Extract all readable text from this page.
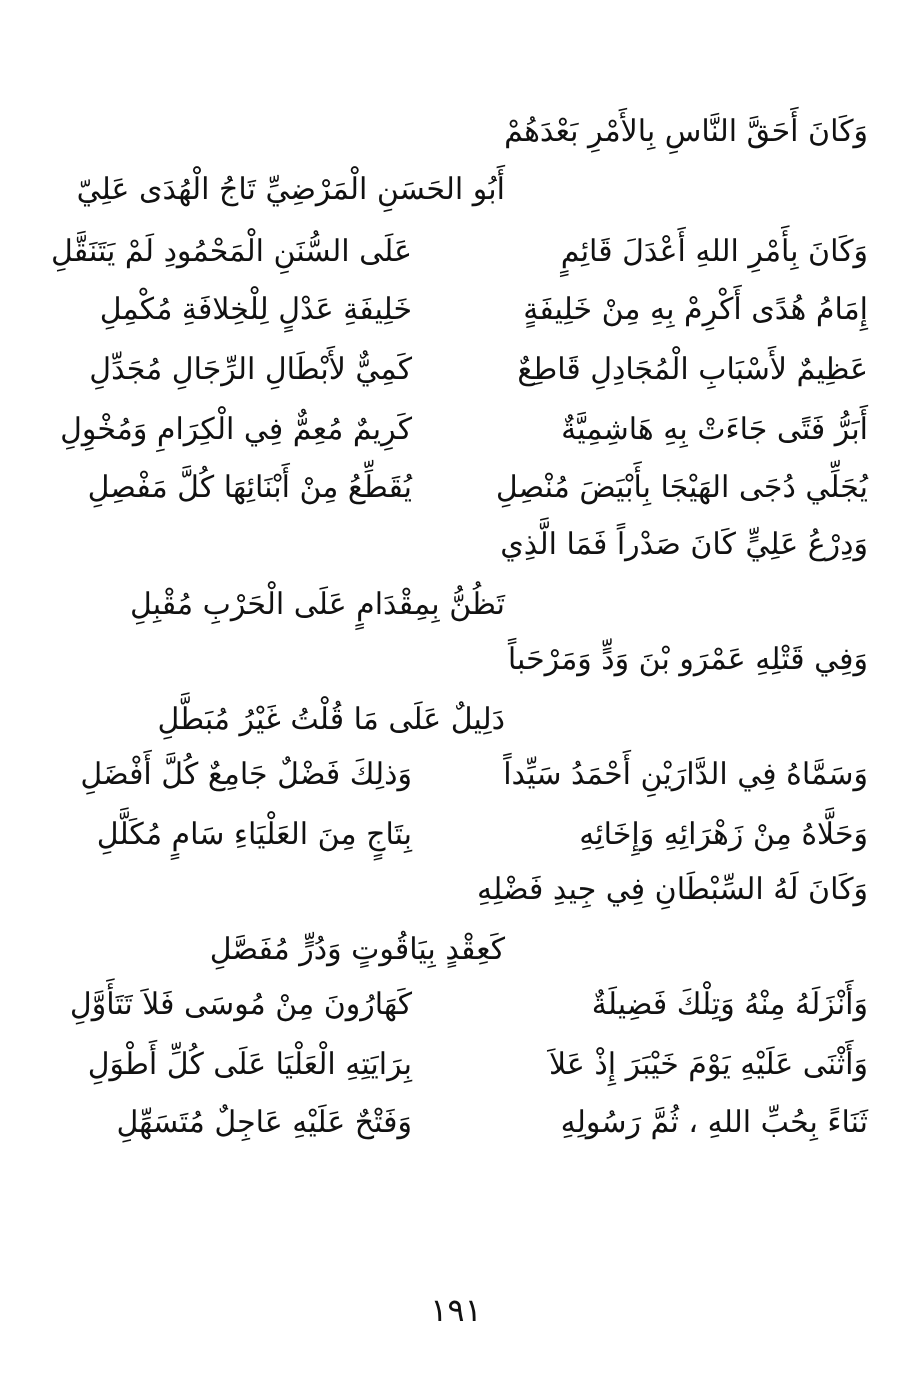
وَكَانَ أَحَقَّ النَّاسِ بِالأَمْرِ بَعْدَهُمْ
أَبُو الحَسَنِ الْمَرْضِيِّ تَاجُ الْهُدَى عَلِيّ
وَكَانَ بِأَمْرِ اللهِ أَعْدَلَ قَائِمٍ
عَلَى السُّنَنِ الْمَحْمُودِ لَمْ يَتَنَقَّلِ
إِمَامُ هُدًى أَكْرِمْ بِهِ مِنْ خَلِيفَةٍ
خَلِيفَةِ عَدْلٍ لِلْخِلافَةِ مُكْمِلِ
عَظِيمٌ لأَسْبَابِ الْمُجَادِلِ قَاطِعٌ
كَمِيٌّ لأَبْطَالِ الرِّجَالِ مُجَدِّلِ
أَبَرُّ فَتًى جَاءَتْ بِهِ هَاشِمِيَّةٌ
كَرِيمٌ مُعِمٌّ فِي الْكِرَامِ وَمُخْوِلِ
يُجَلِّي دُجَى الهَيْجَا بِأَبْيَضَ مُنْصِلِ
يُقَطِّعُ مِنْ أَبْنَائِهَا كُلَّ مَفْصِلِ
وَدِرْعُ عَلِيٍّ كَانَ صَدْراً فَمَا الَّذِي
تَظُنُّ بِمِقْدَامٍ عَلَى الْحَرْبِ مُقْبِلِ
وَفِي قَتْلِهِ عَمْرَو بْنَ وَدٍّ وَمَرْحَباً
دَلِيلٌ عَلَى مَا قُلْتُ غَيْرُ مُبَطَّلِ
وَسَمَّاهُ فِي الدَّارَيْنِ أَحْمَدُ سَيِّداً
وَذلِكَ فَضْلٌ جَامِعٌ كُلَّ أَفْضَلِ
وَحَلَّاهُ مِنْ زَهْرَائِهِ وَإِخَائِهِ
بِتَاجٍ مِنَ العَلْيَاءِ سَامٍ مُكَلَّلِ
وَكَانَ لَهُ السِّبْطَانِ فِي جِيدِ فَضْلِهِ
كَعِقْدٍ بِيَاقُوتٍ وَدُرٍّ مُفَصَّلِ
وَأَنْزَلَهُ مِنْهُ وَتِلْكَ فَضِيلَةٌ
كَهَارُونَ مِنْ مُوسَى فَلاَ تَتَأَوَّلِ
وَأَثْنَى عَلَيْهِ يَوْمَ خَيْبَرَ إِذْ عَلاَ
بِرَايَتِهِ الْعَلْيَا عَلَى كُلِّ أَطْوَلِ
ثَنَاءً بِحُبِّ اللهِ ، ثُمَّ رَسُولِهِ
وَفَتْحٌ عَلَيْهِ عَاجِلٌ مُتَسَهِّلِ
١٩١
